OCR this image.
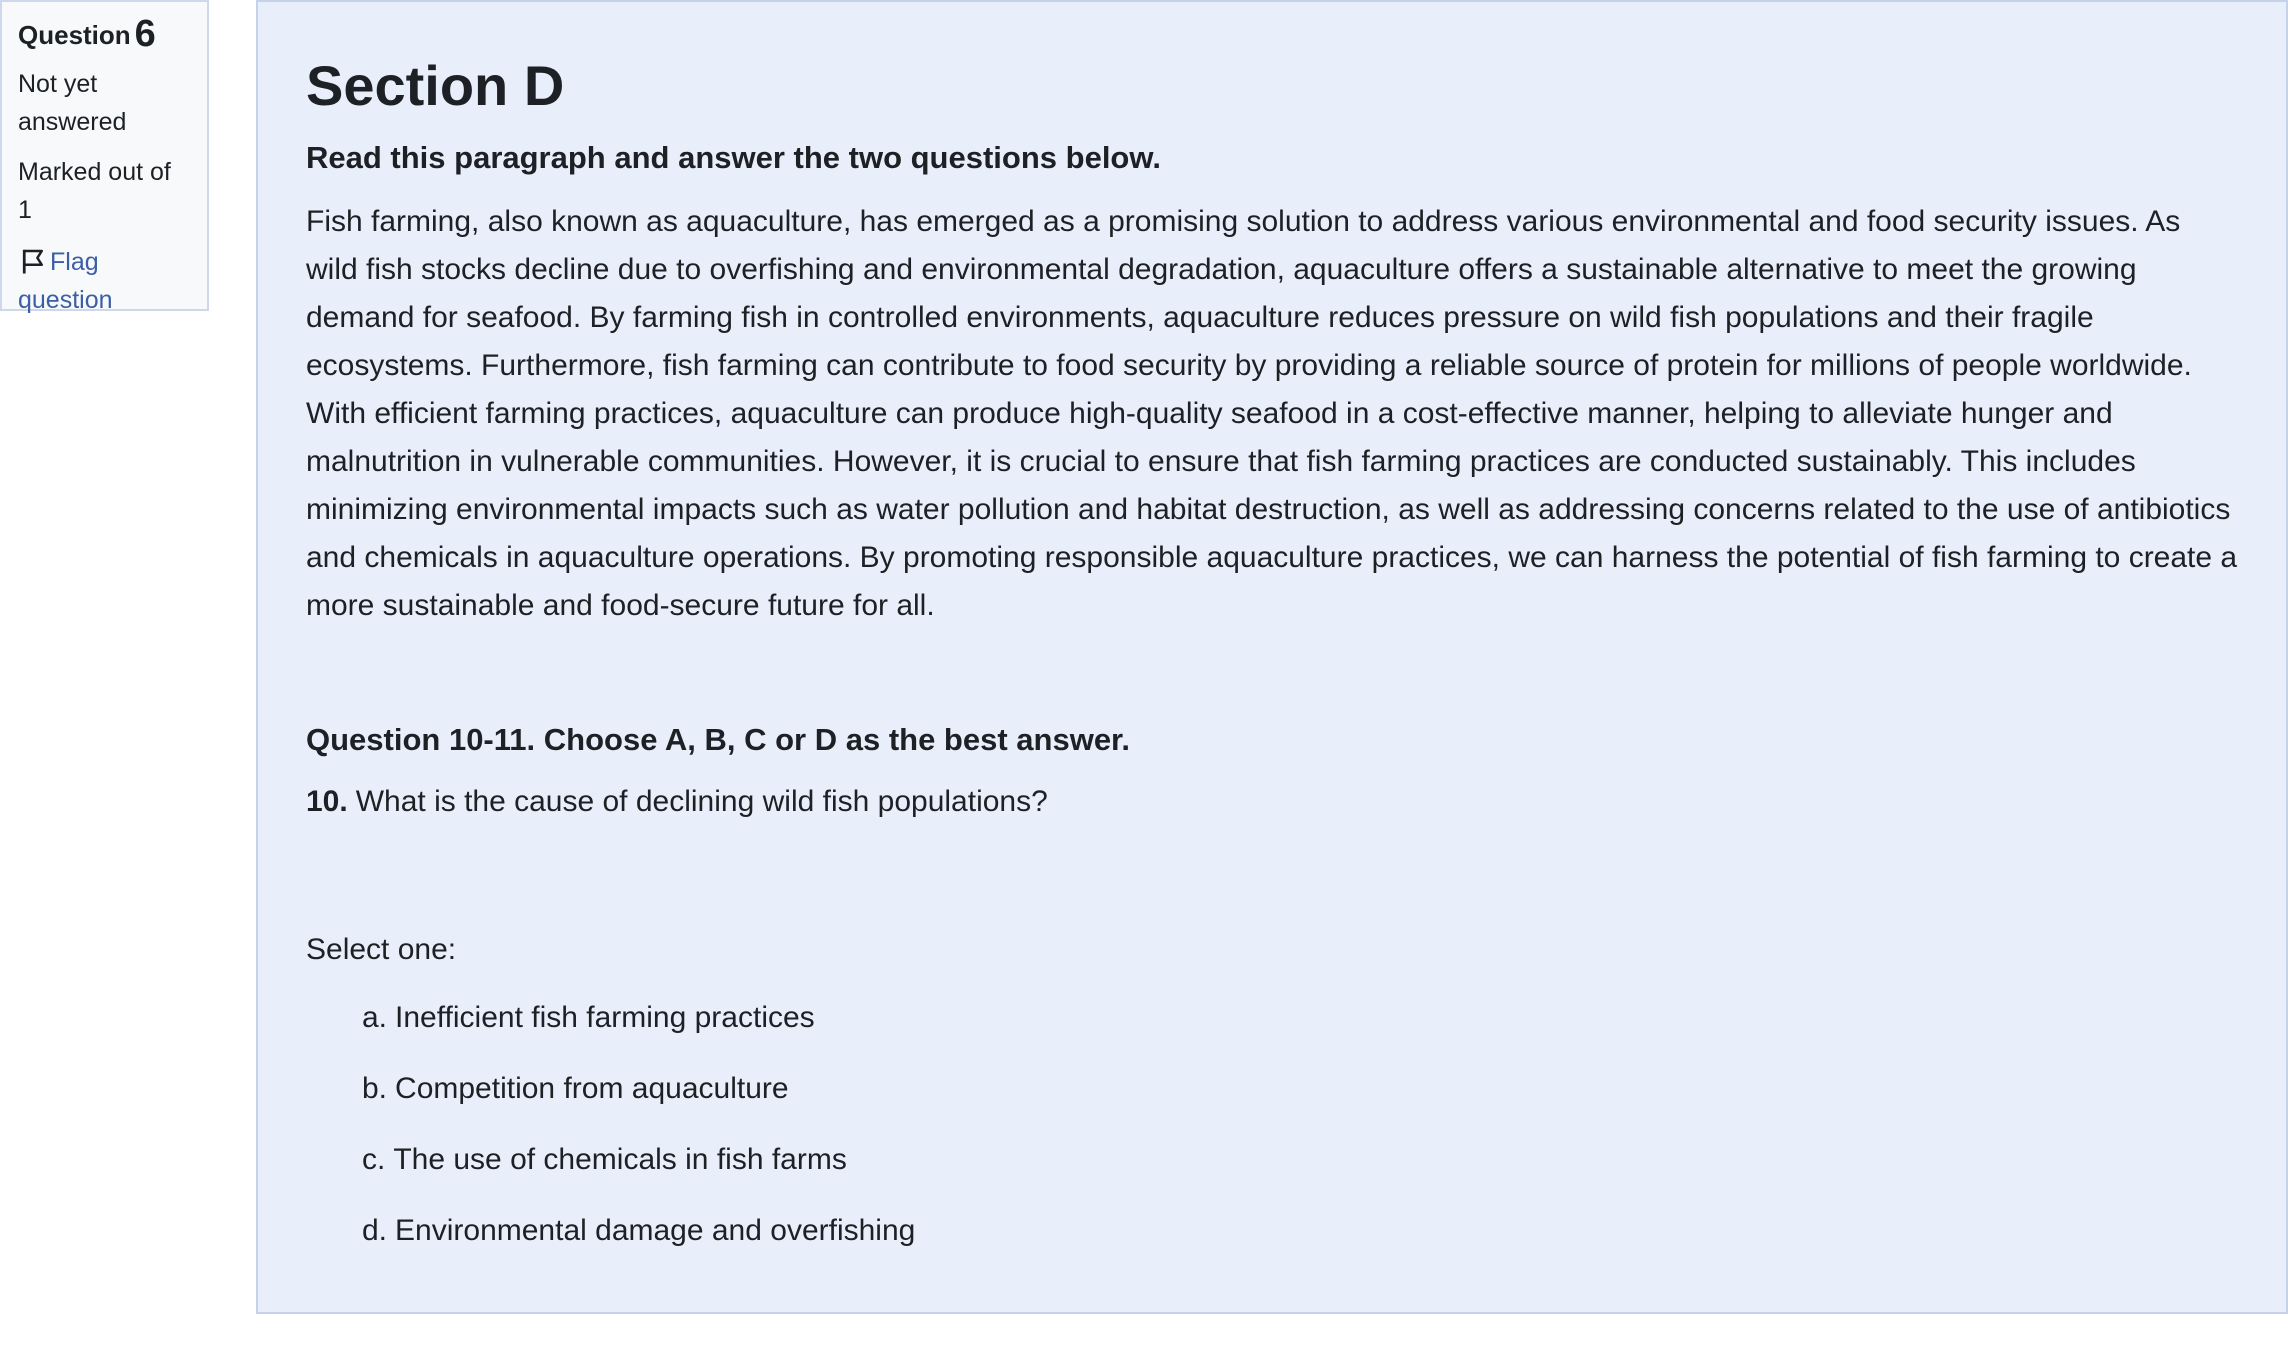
Question 6
Not yet answered
Marked out of 1
Flag question
Section D
Read this paragraph and answer the two questions below.
Fish farming, also known as aquaculture, has emerged as a promising solution to address various environmental and food security issues. As wild fish stocks decline due to overfishing and environmental degradation, aquaculture offers a sustainable alternative to meet the growing demand for seafood. By farming fish in controlled environments, aquaculture reduces pressure on wild fish populations and their fragile ecosystems. Furthermore, fish farming can contribute to food security by providing a reliable source of protein for millions of people worldwide. With efficient farming practices, aquaculture can produce high-quality seafood in a cost-effective manner, helping to alleviate hunger and malnutrition in vulnerable communities. However, it is crucial to ensure that fish farming practices are conducted sustainably. This includes minimizing environmental impacts such as water pollution and habitat destruction, as well as addressing concerns related to the use of antibiotics and chemicals in aquaculture operations. By promoting responsible aquaculture practices, we can harness the potential of fish farming to create a more sustainable and food-secure future for all.
Question 10-11. Choose A, B, C or D as the best answer.
10. What is the cause of declining wild fish populations?
Select one:
a. Inefficient fish farming practices
b. Competition from aquaculture
c. The use of chemicals in fish farms
d. Environmental damage and overfishing
